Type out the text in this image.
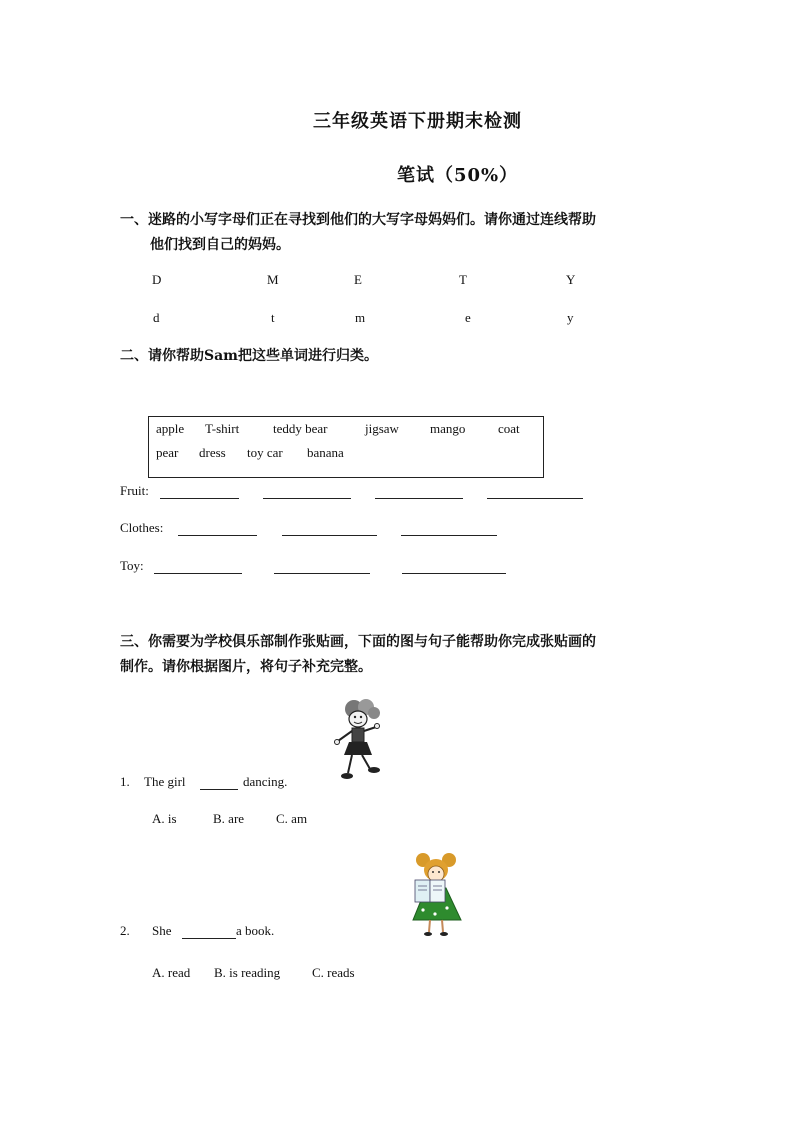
三年级英语下册期末检测
笔试（50%）
一、迷路的小写字母们正在寻找到他们的大写字母妈妈们。请你通过连线帮助
他们找到自己的妈妈。
D	M	E	T	Y
d	t	m	e	y
二、请你帮助Sam把这些单词进行归类。
apple T-shirt	teddy bear	jigsaw mango	coat
pear dress toy car banana
Fruit:
Clothes:
Toy:
三、你需要为学校俱乐部制作张贴画，下面的图与句子能帮助你完成张贴画的
制作。请你根据图片，将句子补充完整。
1. The girl	dancing.
A. is	B. are C. am
2. She	a book.
A. read B. is reading C. reads
